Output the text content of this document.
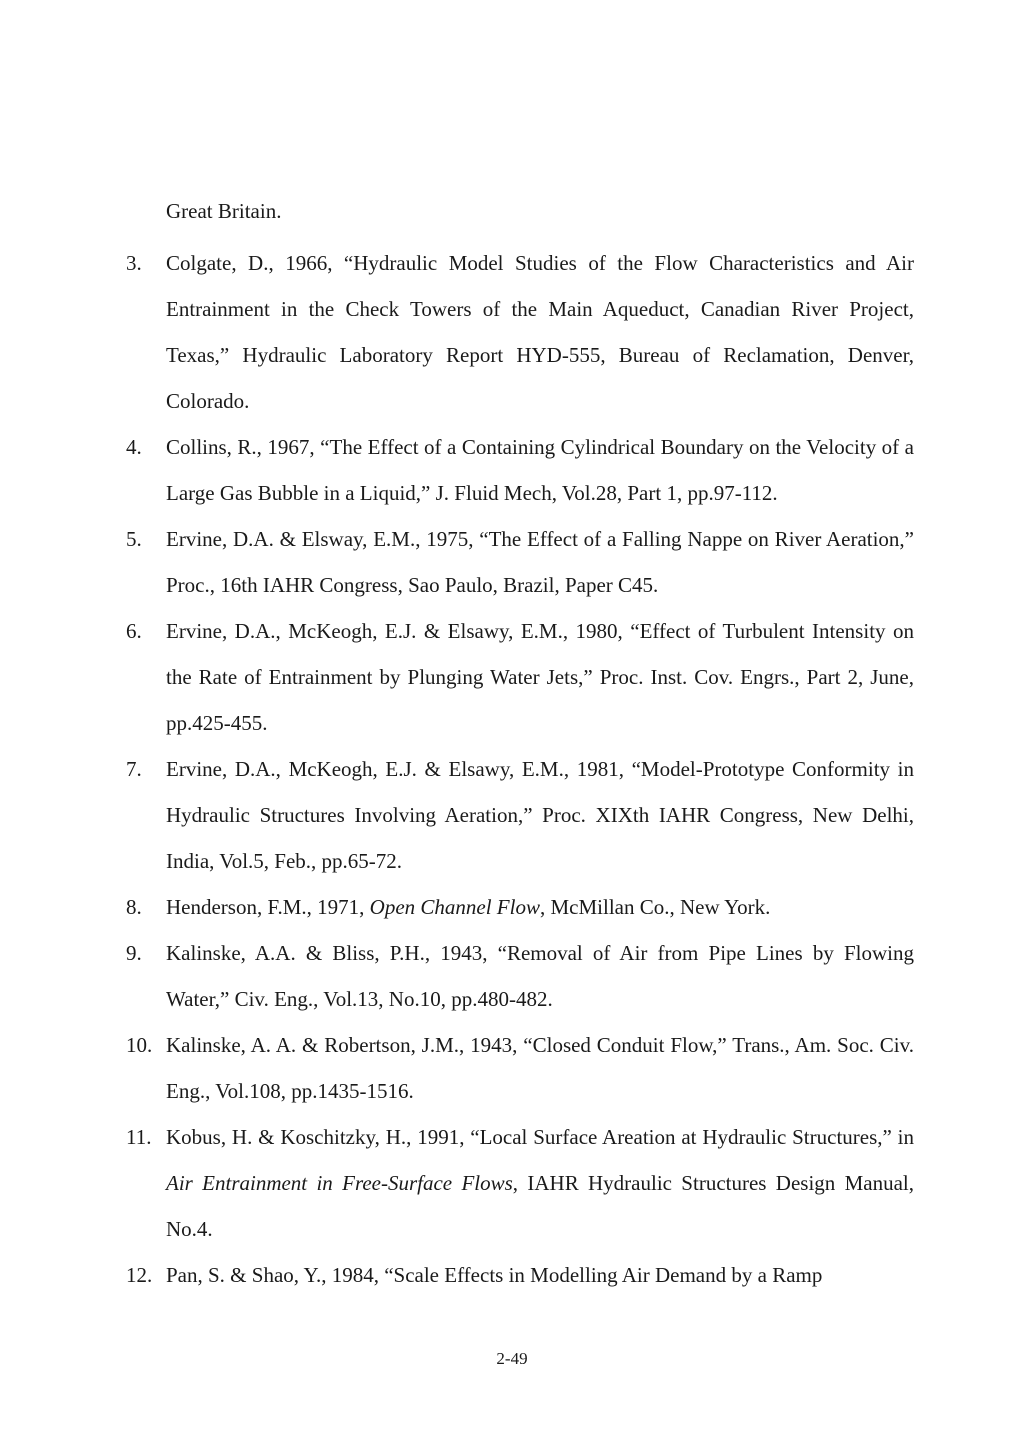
Great Britain.
3.	Colgate, D., 1966, “Hydraulic Model Studies of the Flow Characteristics and Air Entrainment in the Check Towers of the Main Aqueduct, Canadian River Project, Texas,” Hydraulic Laboratory Report HYD-555, Bureau of Reclamation, Denver, Colorado.
4.	Collins, R., 1967, “The Effect of a Containing Cylindrical Boundary on the Velocity of a Large Gas Bubble in a Liquid,” J. Fluid Mech, Vol.28, Part 1, pp.97-112.
5.	Ervine, D.A. & Elsway, E.M., 1975, “The Effect of a Falling Nappe on River Aeration,” Proc., 16th IAHR Congress, Sao Paulo, Brazil, Paper C45.
6.	Ervine, D.A., McKeogh, E.J. & Elsawy, E.M., 1980, “Effect of Turbulent Intensity on the Rate of Entrainment by Plunging Water Jets,” Proc. Inst. Cov. Engrs., Part 2, June, pp.425-455.
7.	Ervine, D.A., McKeogh, E.J. & Elsawy, E.M., 1981, “Model-Prototype Conformity in Hydraulic Structures Involving Aeration,” Proc. XIXth IAHR Congress, New Delhi, India, Vol.5, Feb., pp.65-72.
8.	Henderson, F.M., 1971, Open Channel Flow, McMillan Co., New York.
9.	Kalinske, A.A. & Bliss, P.H., 1943, “Removal of Air from Pipe Lines by Flowing Water,” Civ. Eng., Vol.13, No.10, pp.480-482.
10. Kalinske, A. A. & Robertson, J.M., 1943, “Closed Conduit Flow,” Trans., Am. Soc. Civ. Eng., Vol.108, pp.1435-1516.
11. Kobus, H. & Koschitzky, H., 1991, “Local Surface Areation at Hydraulic Structures,” in Air Entrainment in Free-Surface Flows, IAHR Hydraulic Structures Design Manual, No.4.
12. Pan, S. & Shao, Y., 1984, “Scale Effects in Modelling Air Demand by a Ramp
2-49
